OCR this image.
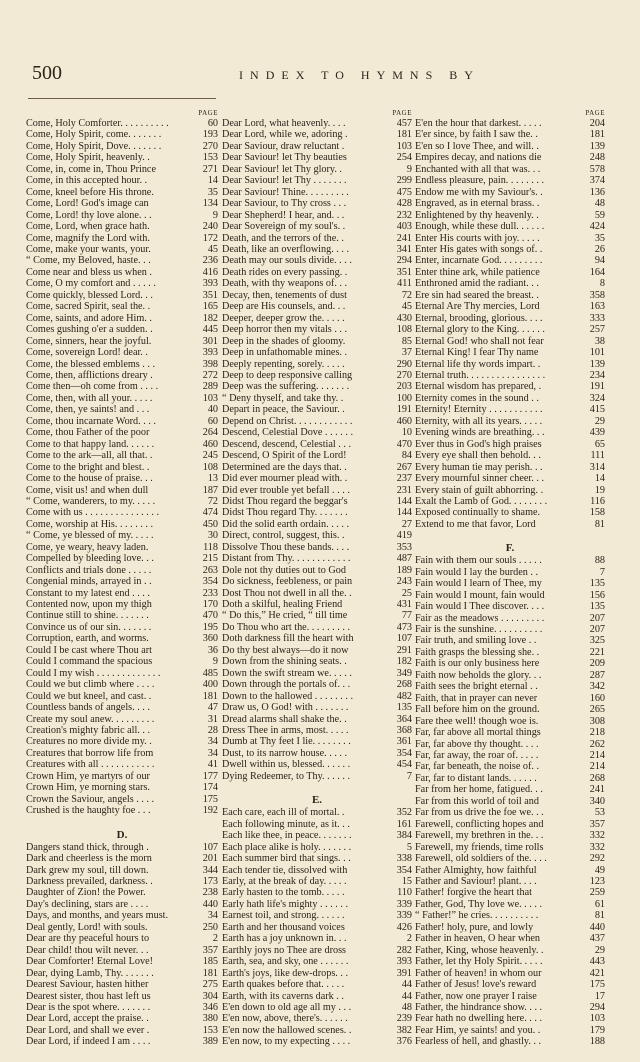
500	INDEX TO HYMNS BY
PAGE
Come, Holy Comforter. . . . . . . . . .	60
Come, Holy Spirit, come. . . . . . .	193
Come, Holy Spirit, Dove. . . . . . .	270
Come, Holy Spirit, heavenly. .	153
Come, in, come in, Thou Prince	271
Come, in this accepted hour. .	14
Come, kneel before His throne.	35
Come, Lord! God's image can	134
Come, Lord! thy love alone. . .	9
Come, Lord, when grace hath.	240
Come, magnify the Lord with.	172
Come, make your wants, your.	45
“ Come, my Beloved, haste. . .	236
Come near and bless us when .	416
Come, O my comfort and . . . . .	393
Come quickly, blessed Lord. . .	351
Come, sacred Spirit, seal the. .	165
Come, saints, and adore Him. .	182
Comes gushing o'er a sudden. .	445
Come, sinners, hear the joyful.	301
Come, sovereign Lord! dear. .	393
Come, the blessed emblems . . .	398
Come, then, afflictions dreary .	272
Come then—oh come from . . . .	289
Come, then, with all your. . . . .	103
Come, then, ye saints! and . . .	40
Come, thou incarnate Word. . . .	60
Come, thou Father of the poor	264
Come to that happy land. . . . . .	460
Come to the ark—all, all that. .	245
Come to the bright and blest. .	108
Come to the house of praise. . .	13
Come, visit us! and when dull	187
“ Come, wanderers, to my. . . . .	72
Come with us . . . . . . . . . . . . . . .	474
Come, worship at His. . . . . . . .	450
“ Come, ye blessed of my. . . . .	30
Come, ye weary, heavy laden.	118
Compelled by bleeding love. . .	215
Conflicts and trials done . . . . .	263
Congenial minds, arrayed in . .	354
Constant to my latest end . . . .	233
Contented now, upon my thigh	170
Continue still to shine. . . . . . .	470
Convince us of our sin. . . . . . .	195
Corruption, earth, and worms.	360
Could I be cast where Thou art	36
Could I command the spacious	9
Could I my wish . . . . . . . . . . . . .	485
Could we but climb where . . . .	400
Could we but kneel, and cast. .	181
Countless bands of angels. . . .	47
Create my soul anew. . . . . . . . .	31
Creation's mighty fabric all. . .	28
Creatures no more divide my. .	34
Creatures that borrow life from	34
Creatures with all . . . . . . . . . . .	41
Crown Him, ye martyrs of our	177
Crown Him, ye morning stars.	174
Crown the Saviour, angels . . . .	175
Crushed is the haughty foe . . .	192
D.
Dangers stand thick, through .	107
Dark and cheerless is the morn	201
Dark grew my soul, till down.	344
Darkness prevailed, darkness. .	173
Daughter of Zion! the Power.	238
Day's declining, stars are . . . .	440
Days, and months, and years must.	34
Deal gently, Lord! with souls.	250
Dear are thy peaceful hours to	2
Dear child! thou wilt never. . .	357
Dear Comforter! Eternal Love!	185
Dear, dying Lamb, Thy. . . . . . .	181
Dearest Saviour, hasten hither	275
Dearest sister, thou hast left us	304
Dear is the spot where. . . . . . .	346
Dear Lord, accept the praise. .	380
Dear Lord, and shall we ever .	153
Dear Lord, if indeed I am . . . .	389
PAGE
Dear Lord, what heavenly. . . .	457
Dear Lord, while we, adoring .	181
Dear Saviour, draw reluctant .	103
Dear Saviour! let Thy beauties	254
Dear Saviour! let Thy glory. .	9
Dear Saviour! let Thy . . . . . . .	299
Dear Saviour! Thine. . . . . . . . .	475
Dear Saviour, to Thy cross . . .	428
Dear Shepherd! I hear, and. . .	232
Dear Sovereign of my soul's. .	403
Death, and the terrors of the. .	241
Death, like an overflowing. . . .	341
Death may our souls divide. . . .	294
Death rides on every passing. .	351
Death, with thy weapons of. . .	411
Decay, then, tenements of dust	72
Deep are His counsels, and. . .	45
Deeper, deeper grow the. . . . .	430
Deep horror then my vitals . . .	108
Deep in the shades of gloomy.	85
Deep in unfathomable mines. .	37
Deeply repenting, sorely. . . . .	290
Deep to deep responsive calling	270
Deep was the suffering. . . . . . .	203
“ Deny thyself, and take thy. .	100
Depart in peace, the Saviour. .	191
Depend on Christ. . . . . . . . . . . .	460
Descend, Celestial Dove . . . . . .	10
Descend, descend, Celestial . . .	470
Descend, O Spirit of the Lord!	84
Determined are the days that. .	267
Did ever mourner plead with. .	237
Did ever trouble yet befall . . . .	231
Didst Thou regard the beggar's	144
Didst Thou regard Thy. . . . . . .	144
Did the solid earth ordain. . . . .	27
Direct, control, suggest, this. .	419
Dissolve Thou these bands. . . .	353
Distant from Thy. . . . . . . . . . . .	487
Dole not thy duties out to God	189
Do sickness, feebleness, or pain	243
Dost Thou not dwell in all the. .	25
Doth a skilful, healing Friend	431
“ Do this,” He cried, “ till time	77
Do Thou who art the. . . . . . . . .	473
Doth darkness fill the heart with	107
Do thy best always—do it now	291
Down from the shining seats. .	182
Down the swift stream we. . . . .	349
Down through the portals of. . .	268
Down to the hallowed . . . . . . . .	482
Draw us, O God! with . . . . . . .	135
Dread alarms shall shake the. .	364
Dress Thee in arms, most. . . . .	368
Dumb at Thy feet I lie. . . . . . . .	361
Dust, to its narrow house. . . . .	354
Dwell within us, blessed. . . . . .	454
Dying Redeemer, to Thy. . . . . .	7
E.
Each care, each ill of mortal. .	352
Each following minute, as it. . .	161
Each like thee, in peace. . . . . . .	384
Each place alike is holy. . . . . . .	5
Each summer bird that sings. . .	338
Each tender tie, dissolved with	354
Early, at the break of day. . . . .	15
Early hasten to the tomb. . . . .	110
Early hath life's mighty . . . . . .	339
Earnest toil, and strong. . . . . .	339
Earth and her thousand voices	426
Earth has a joy unknown in. . .	2
Earthly joys no Thee are dross	282
Earth, sea, and sky, one . . . . . .	393
Earth's joys, like dew-drops. . .	391
Earth quakes before that. . . . .	44
Earth, with its caverns dark . .	44
E'en down to old age all my . . .	48
E'en now, above, there's. . . . . .	239
E'en now the hallowed scenes. .	382
E'en now, to my expecting . . . .	376
PAGE
E'en the hour that darkest. . . . .	204
E'er since, by faith I saw the. .	181
E'en so I love Thee, and will. .	139
Empires decay, and nations die	248
Enchanted with all that was. . .	578
Endless pleasure, pain. . . . . . . .	374
Endow me with my Saviour's. .	136
Engraved, as in eternal brass. .	48
Enlightened by thy heavenly. .	59
Enough, while these dull. . . . . .	424
Enter His courts with joy. . . . .	35
Enter His gates with songs of. .	26
Enter, incarnate God. . . . . . . . .	94
Enter thine ark, while patience	164
Enthroned amid the radiant. . .	8
Ere sin had seared the breast. .	358
Eternal Are Thy mercies, Lord	163
Eternal, brooding, glorious. . . .	333
Eternal glory to the King. . . . . .	257
Eternal God! who shall not fear	38
Eternal King! I fear Thy name	101
Eternal life thy words impart. .	139
Eternal truth. . . . . . . . . . . . . . . .	234
Eternal wisdom has prepared, .	191
Eternity comes in the sound . .	324
Eternity! Eternity . . . . . . . . . . .	415
Eternity, with all its years. . . . .	29
Evening winds are breathing. . .	439
Ever thus in God's high praises	65
Every eye shall then behold. . .	111
Every human tie may perish. . .	314
Every mournful sinner cheer. . .	14
Every stain of guilt abhorring. .	19
Exalt the Lamb of God. . . . . . . .	116
Exposed continually to shame.	158
Extend to me that favor, Lord	81
F.
Fain with them our souls . . . . .	88
Fain would I lay the burden . .	7
Fain would I learn of Thee, my	135
Fain would I mount, fain would	156
Fain would I Thee discover. . . .	135
Fair as the meadows . . . . . . . . .	207
Fair is the sunshine. . . . . . . . . .	207
Fair truth, and smiling love . .	325
Faith grasps the blessing she. .	221
Faith is our only business here	209
Faith now beholds the glory. . .	287
Faith sees the bright eternal . .	342
Faith, that in prayer can never	160
Fall before him on the ground.	265
Fare thee well! though woe is.	308
Far, far above all mortal things	218
Far, far above thy thought. . . .	262
Far, far away, the roar of. . . . .	214
Far, far beneath, the noise of. .	214
Far, far to distant lands. . . . . .	268
Far from her home, fatigued. . .	241
Far from this world of toil and	340
Far from us drive the foe we. . .	53
Farewell, conflicting hopes and	357
Farewell, my brethren in the. . .	332
Farewell, my friends, time rolls	332
Farewell, old soldiers of the. . . .	292
Father Almighty, how faithful	49
Father and Saviour! plant. . . .	123
Father! forgive the heart that	259
Father, God, Thy love we. . . . .	61
“ Father!” he cries. . . . . . . . . .	81
Father! holy, pure, and lowly	440
Father in heaven, O hear when	437
Father, King, whose heavenly. .	29
Father, let thy Holy Spirit. . . . .	443
Father of heaven! in whom our	421
Father of Jesus! love's reward	175
Father, now one prayer I raise	17
Father, the hindrance show. . . .	294
Fear hath no dwelling here. . . .	103
Fear Him, ye saints! and you. .	179
Fearless of hell, and ghastly. . .	188
